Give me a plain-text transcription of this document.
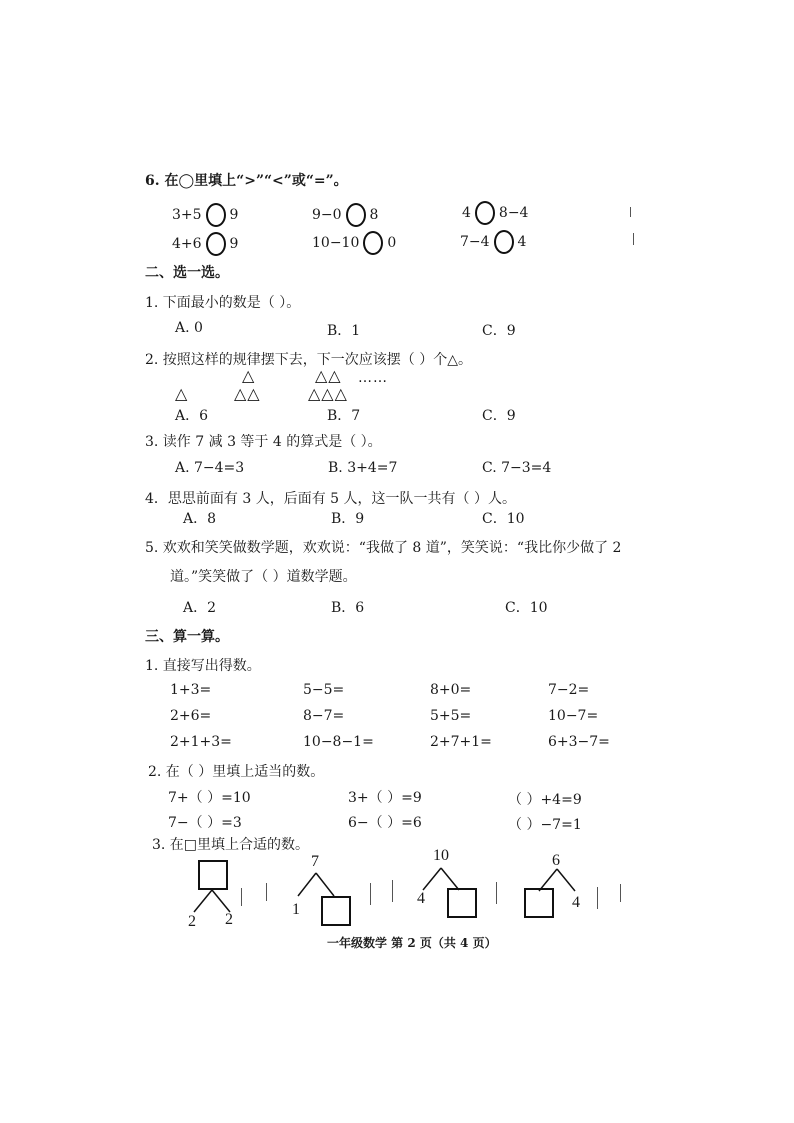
6. 在◯里填上“>”“<”或“=”。
3+5 9	9−0 8	4 8−4
4+6 9	10−10 0	7−4 4
二、选一选。
1. 下面最小的数是（ ）。
A. 0	B．1	C．9
2. 按照这样的规律摆下去，下一次应该摆（ ）个△。
△	△△ ……
△	△△	△△△
A．6	B．7	C．9
3. 读作 7 减 3 等于 4 的算式是（ ）。
A. 7−4=3	B. 3+4=7	C. 7−3=4
4．思思前面有 3 人，后面有 5 人，这一队一共有（ ）人。
A．8	B．9	C．10
5. 欢欢和笑笑做数学题，欢欢说：“我做了 8 道”，笑笑说：“我比你少做了 2
道。”笑笑做了（ ）道数学题。
A．2	B．6	C．10
三、算一算。
1. 直接写出得数。
1+3=	5−5=	8+0=	7−2=
2+6=	8−7=	5+5=	10−7=
2+1+3=	10−8−1=	2+7+1=	6+3−7=
2. 在（ ）里填上适当的数。
7+（ ）=10	3+（ ）=9	（ ）+4=9
7−（ ）=3	6−（ ）=6	（ ）−7=1
3. 在□里填上合适的数。
2 2
7
1
10
4
6
4
一年级数学 第 2 页（共 4 页）
